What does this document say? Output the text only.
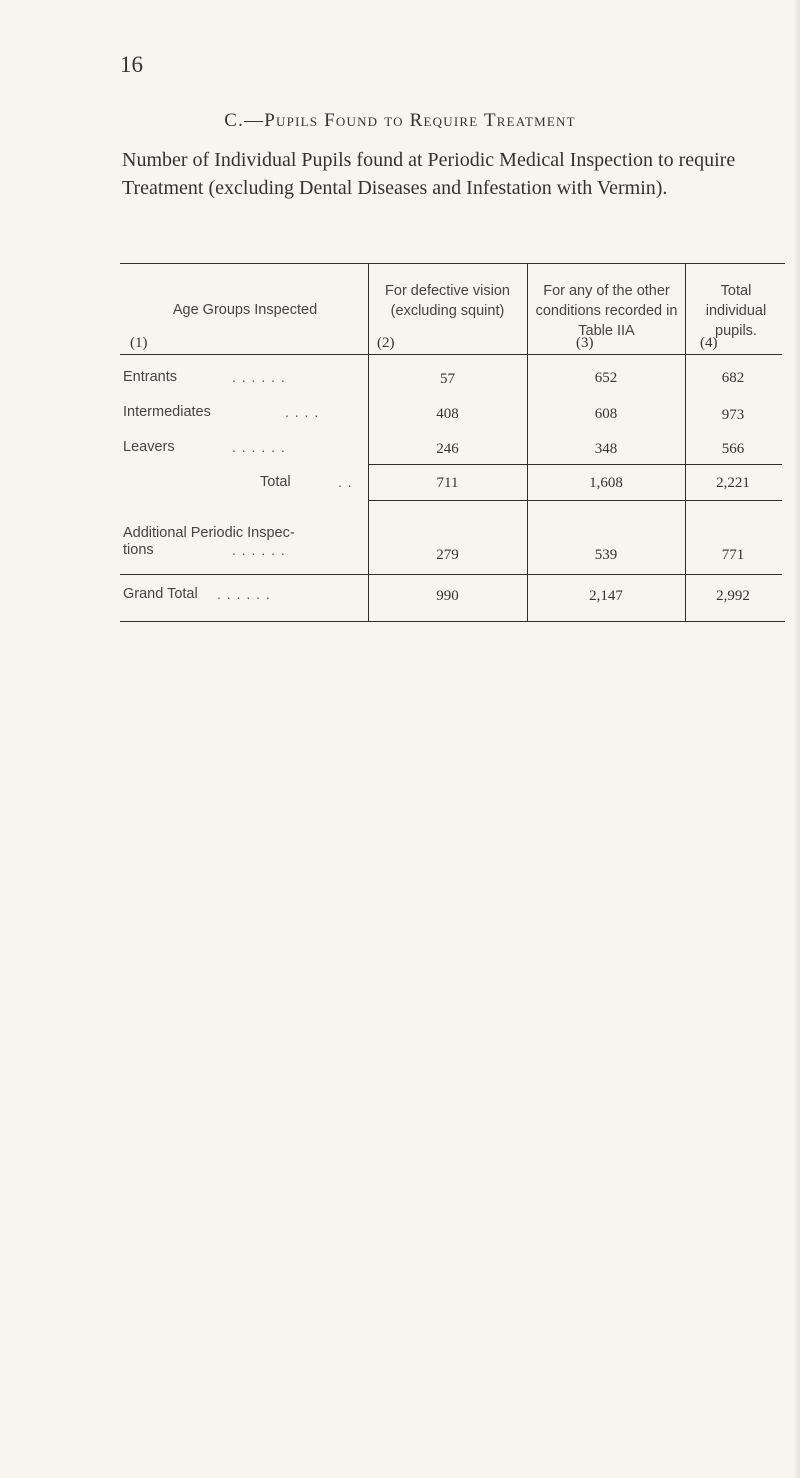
16
C.—Pupils Found to Require Treatment
Number of Individual Pupils found at Periodic Medical Inspection to require Treatment (excluding Dental Diseases and Infestation with Vermin).
Age Groups Inspected
(1)
For defective vision (excluding squint)
(2)
For any of the other conditions recorded in Table IIA
(3)
Total individual pupils.
(4)
Entrants	. . . . . .	57	652	682
Intermediates	. . . .	408	608	973
Leavers	. . . . . .	246	348	566
Total	. .	711	1,608	2,221
Additional Periodic Inspec-
tions	. . . . . .	279	539	771
Grand Total . . . . . .	990	2,147	2,992
